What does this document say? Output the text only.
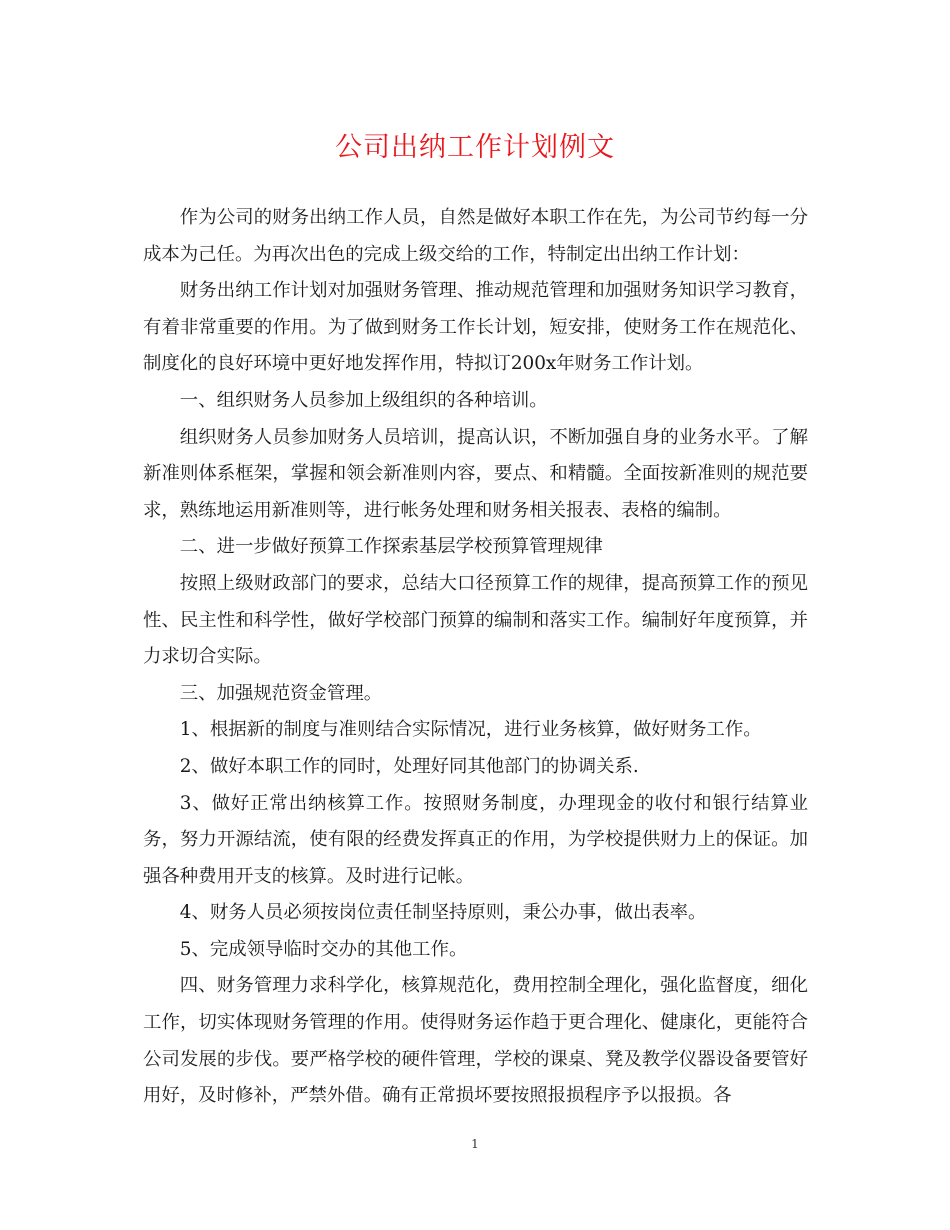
公司出纳工作计划例文

作为公司的财务出纳工作人员，自然是做好本职工作在先，为公司节约每一分成本为己任。为再次出色的完成上级交给的工作，特制定出出纳工作计划：

财务出纳工作计划对加强财务管理、推动规范管理和加强财务知识学习教育，有着非常重要的作用。为了做到财务工作长计划，短安排，使财务工作在规范化、制度化的良好环境中更好地发挥作用，特拟订200x年财务工作计划。

一、组织财务人员参加上级组织的各种培训。

组织财务人员参加财务人员培训，提高认识，不断加强自身的业务水平。了解新准则体系框架，掌握和领会新准则内容，要点、和精髓。全面按新准则的规范要求，熟练地运用新准则等，进行帐务处理和财务相关报表、表格的编制。

二、进一步做好预算工作探索基层学校预算管理规律

按照上级财政部门的要求，总结大口径预算工作的规律，提高预算工作的预见性、民主性和科学性，做好学校部门预算的编制和落实工作。编制好年度预算，并力求切合实际。

三、加强规范资金管理。

1、根据新的制度与准则结合实际情况，进行业务核算，做好财务工作。

2、做好本职工作的同时，处理好同其他部门的协调关系.

3、做好正常出纳核算工作。按照财务制度，办理现金的收付和银行结算业务，努力开源结流，使有限的经费发挥真正的作用，为学校提供财力上的保证。加强各种费用开支的核算。及时进行记帐。

4、财务人员必须按岗位责任制坚持原则，秉公办事，做出表率。

5、完成领导临时交办的其他工作。

四、财务管理力求科学化，核算规范化，费用控制全理化，强化监督度，细化工作，切实体现财务管理的作用。使得财务运作趋于更合理化、健康化，更能符合公司发展的步伐。要严格学校的硬件管理，学校的课桌、凳及教学仪器设备要管好用好，及时修补，严禁外借。确有正常损坏要按照报损程序予以报损。各

1
